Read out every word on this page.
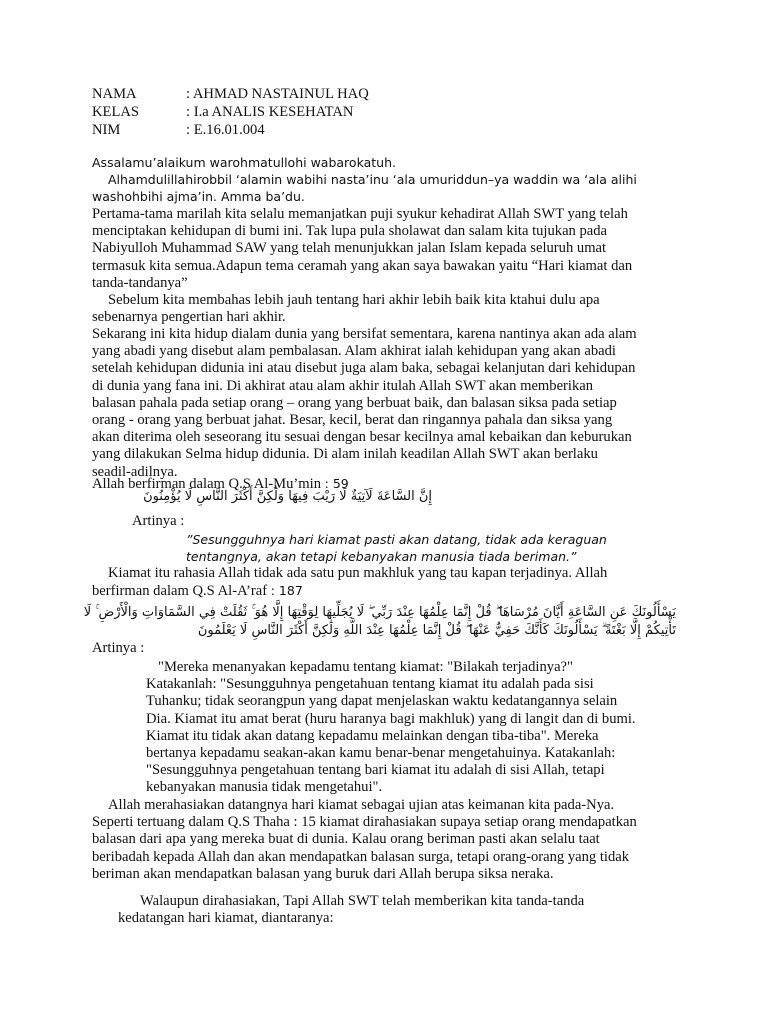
NAMA	: AHMAD NASTAINUL HAQ
KELAS	: I.a ANALIS KESEHATAN
NIM	: E.16.01.004
Assalamu’alaikum warohmatullohi wabarokatuh.
Alhamdulillahirobbil ‘alamin wabihi nasta’inu ‘ala umuriddun–ya waddin wa ‘ala alihi
washohbihi ajma’in. Amma ba’du.
Pertama-tama marilah kita selalu memanjatkan puji syukur kehadirat Allah SWT yang telah
menciptakan kehidupan di bumi ini. Tak lupa pula sholawat dan salam kita tujukan pada
Nabiyulloh Muhammad SAW yang telah menunjukkan jalan Islam kepada seluruh umat
termasuk kita semua.Adapun tema ceramah yang akan saya bawakan yaitu “Hari kiamat dan
tanda-tandanya”
Sebelum kita membahas lebih jauh tentang hari akhir lebih baik kita ktahui dulu apa
sebenarnya pengertian hari akhir.
Sekarang ini kita hidup dialam dunia yang bersifat sementara, karena nantinya akan ada alam
yang abadi yang disebut alam pembalasan. Alam akhirat ialah kehidupan yang akan abadi
setelah kehidupan didunia ini atau disebut juga alam baka, sebagai kelanjutan dari kehidupan
di dunia yang fana ini. Di akhirat atau alam akhir itulah Allah SWT akan memberikan
balasan pahala pada setiap orang – orang yang berbuat baik, dan balasan siksa pada setiap
orang - orang yang berbuat jahat. Besar, kecil, berat dan ringannya pahala dan siksa yang
akan diterima oleh seseorang itu sesuai dengan besar kecilnya amal kebaikan dan keburukan
yang dilakukan Selma hidup didunia. Di alam inilah keadilan Allah SWT akan berlaku
seadil-adilnya.
Allah berfirman dalam Q.S Al-Mu’min : 59
إِنَّ السَّاعَةَ لَآتِيَةٌ لَا رَيْبَ فِيهَا وَلَٰكِنَّ أَكْثَرَ النَّاسِ لَا يُؤْمِنُونَ
Artinya :
”Sesungguhnya hari kiamat pasti akan datang, tidak ada keraguan
tentangnya, akan tetapi kebanyakan manusia tiada beriman.”
Kiamat itu rahasia Allah tidak ada satu pun makhluk yang tau kapan terjadinya. Allah
berfirman dalam Q.S Al-A’raf : 187
يَسْأَلُونَكَ عَنِ السَّاعَةِ أَيَّانَ مُرْسَاهَا ۖ قُلْ إِنَّمَا عِلْمُهَا عِنْدَ رَبِّي ۖ لَا يُجَلِّيهَا لِوَقْتِهَا إِلَّا هُوَ ۚ ثَقُلَتْ فِي السَّمَاوَاتِ وَالْأَرْضِ ۚ لَا
تَأْتِيكُمْ إِلَّا بَغْتَةً ۗ يَسْأَلُونَكَ كَأَنَّكَ حَفِيٌّ عَنْهَا ۖ قُلْ إِنَّمَا عِلْمُهَا عِنْدَ اللَّهِ وَلَٰكِنَّ أَكْثَرَ النَّاسِ لَا يَعْلَمُونَ
Artinya :
"Mereka menanyakan kepadamu tentang kiamat: "Bilakah terjadinya?"
Katakanlah: "Sesungguhnya pengetahuan tentang kiamat itu adalah pada sisi
Tuhanku; tidak seorangpun yang dapat menjelaskan waktu kedatangannya selain
Dia. Kiamat itu amat berat (huru haranya bagi makhluk) yang di langit dan di bumi.
Kiamat itu tidak akan datang kepadamu melainkan dengan tiba-tiba". Mereka
bertanya kepadamu seakan-akan kamu benar-benar mengetahuinya. Katakanlah:
"Sesungguhnya pengetahuan tentang bari kiamat itu adalah di sisi Allah, tetapi
kebanyakan manusia tidak mengetahui".
Allah merahasiakan datangnya hari kiamat sebagai ujian atas keimanan kita pada-Nya.
Seperti tertuang dalam Q.S Thaha : 15 kiamat dirahasiakan supaya setiap orang mendapatkan
balasan dari apa yang mereka buat di dunia. Kalau orang beriman pasti akan selalu taat
beribadah kepada Allah dan akan mendapatkan balasan surga, tetapi orang-orang yang tidak
beriman akan mendapatkan balasan yang buruk dari Allah berupa siksa neraka.
Walaupun dirahasiakan, Tapi Allah SWT telah memberikan kita tanda-tanda
kedatangan hari kiamat, diantaranya:
